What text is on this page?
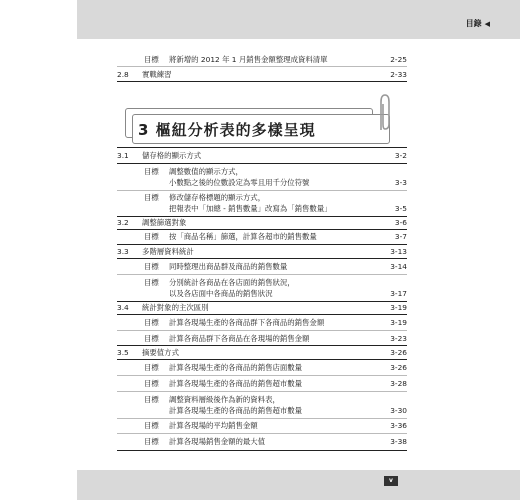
目錄 ◀
目標 將新增的 2012 年 1 月銷售金額整理成資料清單	2-25
2.8 實戰練習	2-33
3 樞紐分析表的多樣呈現
3.1 儲存格的顯示方式	3-2
目標 調整數值的顯示方式，
小數點之後的位數設定為零且用千分位符號	3-3
目標 修改儲存格標題的顯示方式，
把報表中「加總 - 銷售數量」改寫為「銷售數量」	3-5
3.2 調整篩選對象	3-6
目標 按「商品名稱」篩選，計算各超市的銷售數量	3-7
3.3 多階層資料統計	3-13
目標 同時整理出商品群及商品的銷售數量	3-14
目標 分別統計各商品在各店面的銷售狀況，
以及各店面中各商品的銷售狀況	3-17
3.4 統計對象的主次區別	3-19
目標 計算各現場生產的各商品群下各商品的銷售金額	3-19
目標 計算各商品群下各商品在各現場的銷售金額	3-23
3.5 摘要值方式	3-26
目標 計算各現場生產的各商品的銷售店面數量	3-26
目標 計算各現場生產的各商品的銷售超市數量	3-28
目標 調整資料層級後作為新的資料表，
計算各現場生產的各商品的銷售超市數量	3-30
目標 計算各現場的平均銷售金額	3-36
目標 計算各現場銷售金額的最大值	3-38
v
